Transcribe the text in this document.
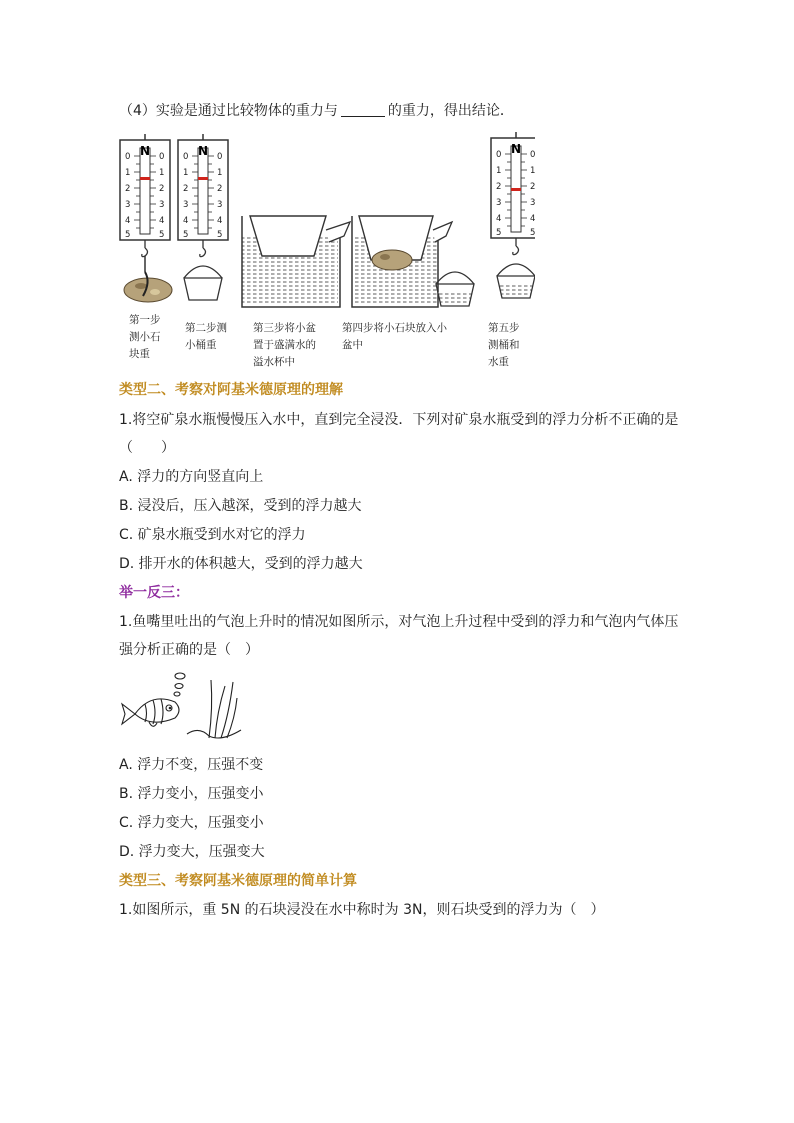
（4）实验是通过比较物体的重力与	的重力，得出结论．
N
0	0
1	1
2	2
3	3
4	4
5	5
N
0	0
1	1
2	2
3	3
4	4
5	5
N
0	0
1	1
2	2
3	3
4	4
5	5
第一步
测小石
块重
第二步测
小桶重
第三步将小盆
置于盛满水的
溢水杯中
第四步将小石块放入小
盆中
第五步
测桶和
水重
类型二、考察对阿基米德原理的理解
1.将空矿泉水瓶慢慢压入水中，直到完全浸没．下列对矿泉水瓶受到的浮力分析不正确的是
（　　）
A. 浮力的方向竖直向上
B. 浸没后，压入越深，受到的浮力越大
C. 矿泉水瓶受到水对它的浮力
D. 排开水的体积越大，受到的浮力越大
举一反三：
1.鱼嘴里吐出的气泡上升时的情况如图所示，对气泡上升过程中受到的浮力和气泡内气体压
强分析正确的是（　）
A. 浮力不变，压强不变
B. 浮力变小，压强变小
C. 浮力变大，压强变小
D. 浮力变大，压强变大
类型三、考察阿基米德原理的简单计算
1.如图所示，重 5N 的石块浸没在水中称时为 3N，则石块受到的浮力为（　）
